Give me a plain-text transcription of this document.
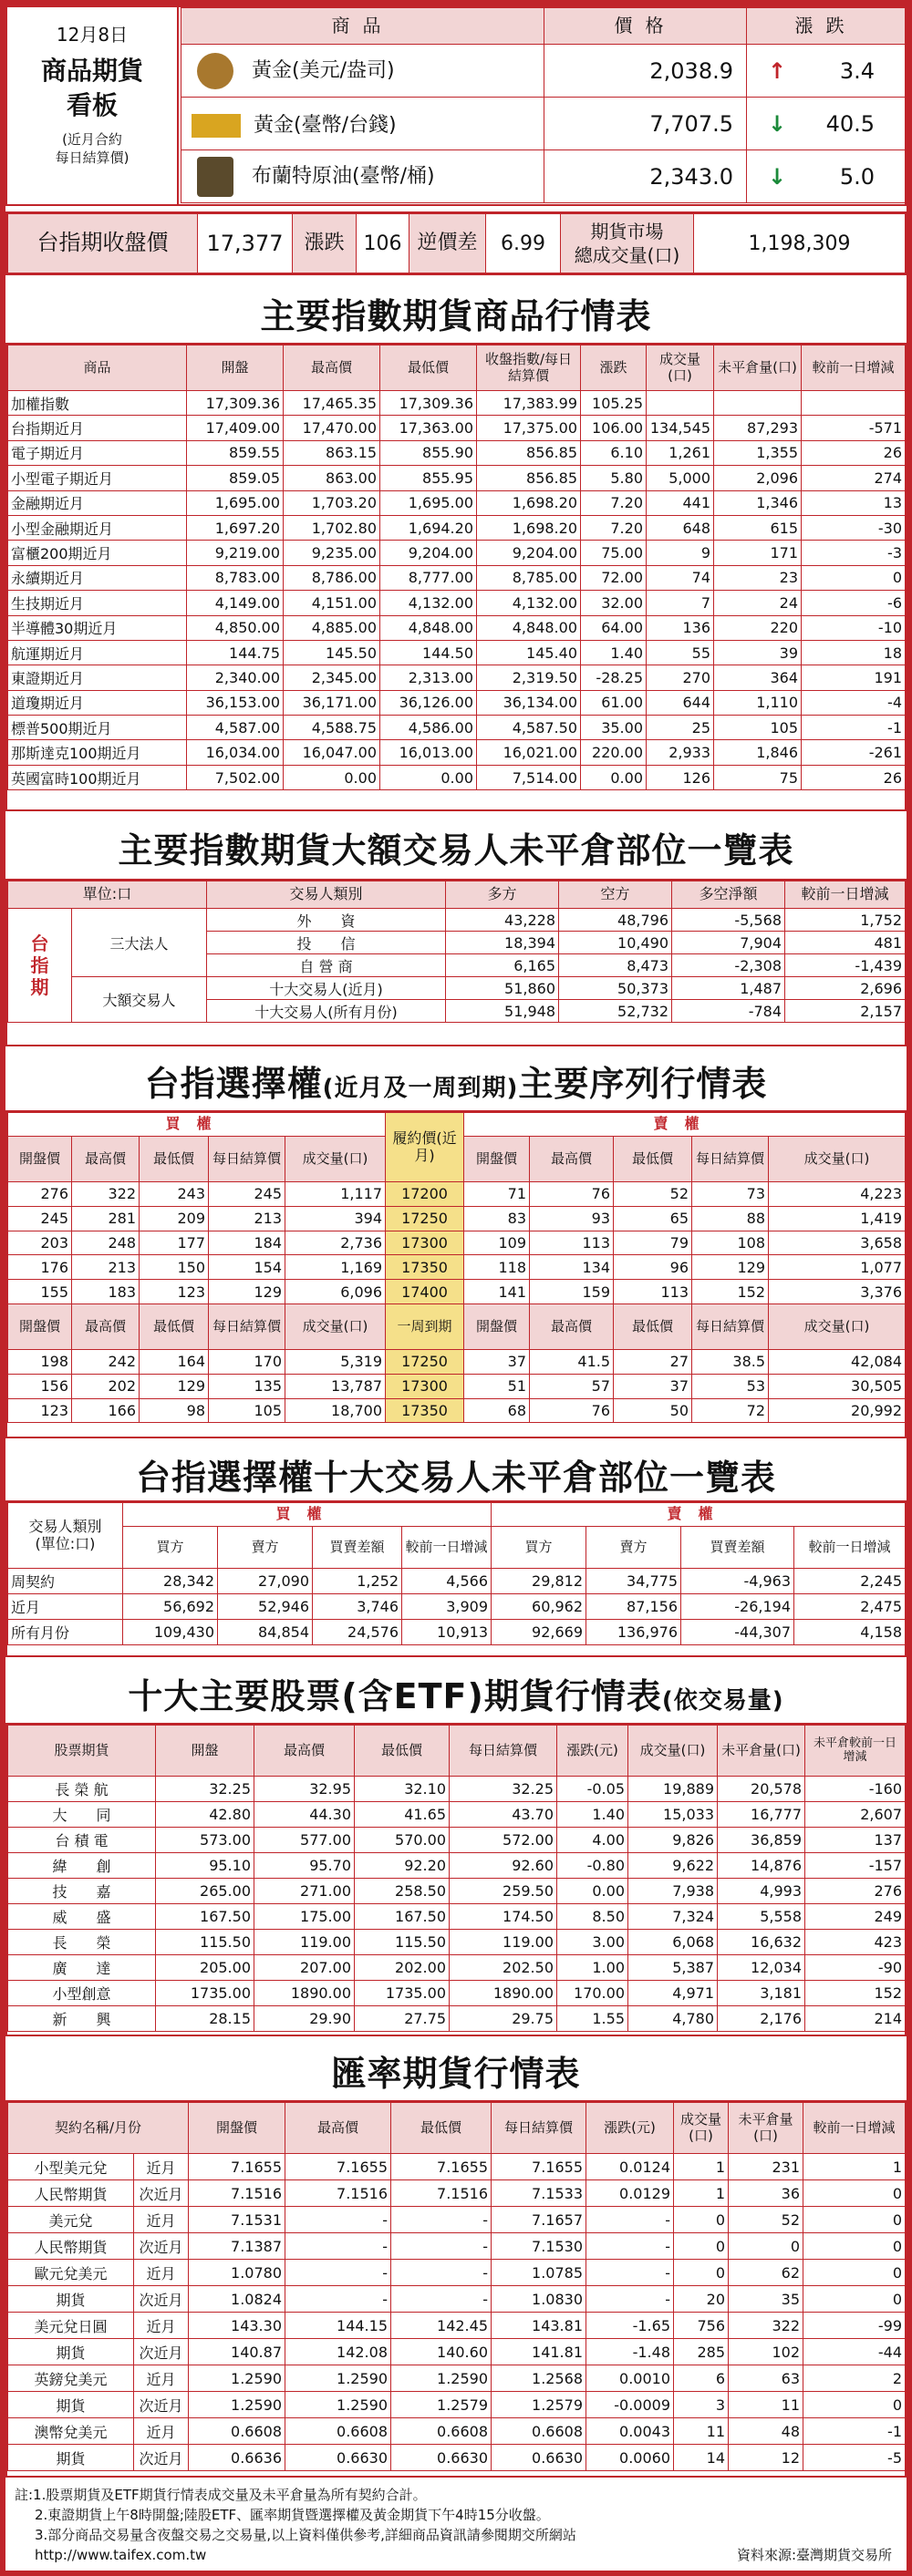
12月8日
商品期貨
看板
(近月合約
每日結算價)
商品	價格	漲跌
黃金(美元/盎司)	2,038.9	↑ 3.4

黃金(臺幣/台錢)	7,707.5	↓ 40.5

布蘭特原油(臺幣/桶)	2,343.0	↓ 5.0
台指期收盤價	17,377	漲跌	106	逆價差	6.99	期貨市場
總成交量(口)	1,198,309
主要指數期貨商品行情表
商品	開盤	最高價	最低價	收盤指數/每日結算價	漲跌	成交量(口)	未平倉量(口)	較前一日增減
加權指數	17,309.36	17,465.35	17,309.36	17,383.99	105.25			
台指期近月	17,409.00	17,470.00	17,363.00	17,375.00	106.00	134,545	87,293	-571
電子期近月	859.55	863.15	855.90	856.85	6.10	1,261	1,355	26
小型電子期近月	859.05	863.00	855.95	856.85	5.80	5,000	2,096	274
金融期近月	1,695.00	1,703.20	1,695.00	1,698.20	7.20	441	1,346	13
小型金融期近月	1,697.20	1,702.80	1,694.20	1,698.20	7.20	648	615	-30
富櫃200期近月	9,219.00	9,235.00	9,204.00	9,204.00	75.00	9	171	-3
永續期近月	8,783.00	8,786.00	8,777.00	8,785.00	72.00	74	23	0
生技期近月	4,149.00	4,151.00	4,132.00	4,132.00	32.00	7	24	-6
半導體30期近月	4,850.00	4,885.00	4,848.00	4,848.00	64.00	136	220	-10
航運期近月	144.75	145.50	144.50	145.40	1.40	55	39	18
東證期近月	2,340.00	2,345.00	2,313.00	2,319.50	-28.25	270	364	191
道瓊期近月	36,153.00	36,171.00	36,126.00	36,134.00	61.00	644	1,110	-4
標普500期近月	4,587.00	4,588.75	4,586.00	4,587.50	35.00	25	105	-1
那斯達克100期近月	16,034.00	16,047.00	16,013.00	16,021.00	220.00	2,933	1,846	-261
英國富時100期近月	7,502.00	0.00	0.00	7,514.00	0.00	126	75	26
主要指數期貨大額交易人未平倉部位一覽表
單位:口		交易人類別	多方	空方	多空淨額	較前一日增減
台指期	三大法人	外　　資	43,228	48,796	-5,568	1,752
		投　　信	18,394	10,490	7,904	481
		自 營 商	6,165	8,473	-2,308	-1,439
	大額交易人	十大交易人(近月)	51,860	50,373	1,487	2,696
		十大交易人(所有月份)	51,948	52,732	-784	2,157
台指選擇權(近月及一周到期)主要序列行情表
買權					履約價(近月)	賣權				
開盤價	最高價	最低價	每日結算價	成交量(口)		開盤價	最高價	最低價	每日結算價	成交量(口)
276	322	243	245	1,117	17200	71	76	52	73	4,223
245	281	209	213	394	17250	83	93	65	88	1,419
203	248	177	184	2,736	17300	109	113	79	108	3,658
176	213	150	154	1,169	17350	118	134	96	129	1,077
155	183	123	129	6,096	17400	141	159	113	152	3,376
開盤價	最高價	最低價	每日結算價	成交量(口)	一周到期	開盤價	最高價	最低價	每日結算價	成交量(口)
198	242	164	170	5,319	17250	37	41.5	27	38.5	42,084
156	202	129	135	13,787	17300	51	57	37	53	30,505
123	166	98	105	18,700	17350	68	76	50	72	20,992
台指選擇權十大交易人未平倉部位一覽表
交易人類別
(單位:口)	買權				賣權			
	買方	賣方	買賣差額	較前一日增減	買方	賣方	買賣差額	較前一日增減
周契約	28,342	27,090	1,252	4,566	29,812	34,775	-4,963	2,245
近月	56,692	52,946	3,746	3,909	60,962	87,156	-26,194	2,475
所有月份	109,430	84,854	24,576	10,913	92,669	136,976	-44,307	4,158
十大主要股票(含ETF)期貨行情表(依交易量)
股票期貨	開盤	最高價	最低價	每日結算價	漲跌(元)	成交量(口)	未平倉量(口)	未平倉較前一日增減
長 榮 航	32.25	32.95	32.10	32.25	-0.05	19,889	20,578	-160
大　　同	42.80	44.30	41.65	43.70	1.40	15,033	16,777	2,607
台 積 電	573.00	577.00	570.00	572.00	4.00	9,826	36,859	137
緯　　創	95.10	95.70	92.20	92.60	-0.80	9,622	14,876	-157
技　　嘉	265.00	271.00	258.50	259.50	0.00	7,938	4,993	276
威　　盛	167.50	175.00	167.50	174.50	8.50	7,324	5,558	249
長　　榮	115.50	119.00	115.50	119.00	3.00	6,068	16,632	423
廣　　達	205.00	207.00	202.00	202.50	1.00	5,387	12,034	-90
小型創意	1735.00	1890.00	1735.00	1890.00	170.00	4,971	3,181	152
新　　興	28.15	29.90	27.75	29.75	1.55	4,780	2,176	214
匯率期貨行情表
契約名稱/月份		開盤價	最高價	最低價	每日結算價	漲跌(元)	成交量(口)	未平倉量(口)	較前一日增減
小型美元兌	近月	7.1655	7.1655	7.1655	7.1655	0.0124	1	231	1
人民幣期貨	次近月	7.1516	7.1516	7.1516	7.1533	0.0129	1	36	0
美元兌	近月	7.1531	-	-	7.1657	-	0	52	0
人民幣期貨	次近月	7.1387	-	-	7.1530	-	0	0	0
歐元兌美元	近月	1.0780	-	-	1.0785	-	0	62	0
期貨	次近月	1.0824	-	-	1.0830	-	20	35	0
美元兌日圓	近月	143.30	144.15	142.45	143.81	-1.65	756	322	-99
期貨	次近月	140.87	142.08	140.60	141.81	-1.48	285	102	-44
英鎊兌美元	近月	1.2590	1.2590	1.2590	1.2568	0.0010	6	63	2
期貨	次近月	1.2590	1.2590	1.2579	1.2579	-0.0009	3	11	0
澳幣兌美元	近月	0.6608	0.6608	0.6608	0.6608	0.0043	11	48	-1
期貨	次近月	0.6636	0.6630	0.6630	0.6630	0.0060	14	12	-5
註:1.股票期貨及ETF期貨行情表成交量及未平倉量為所有契約合計。
2.東證期貨上午8時開盤;陸股ETF、匯率期貨暨選擇權及黃金期貨下午4時15分收盤。
3.部分商品交易量含夜盤交易之交易量,以上資料僅供參考,詳細商品資訊請參閱期交所網站
http://www.taifex.com.tw	資料來源:臺灣期貨交易所
